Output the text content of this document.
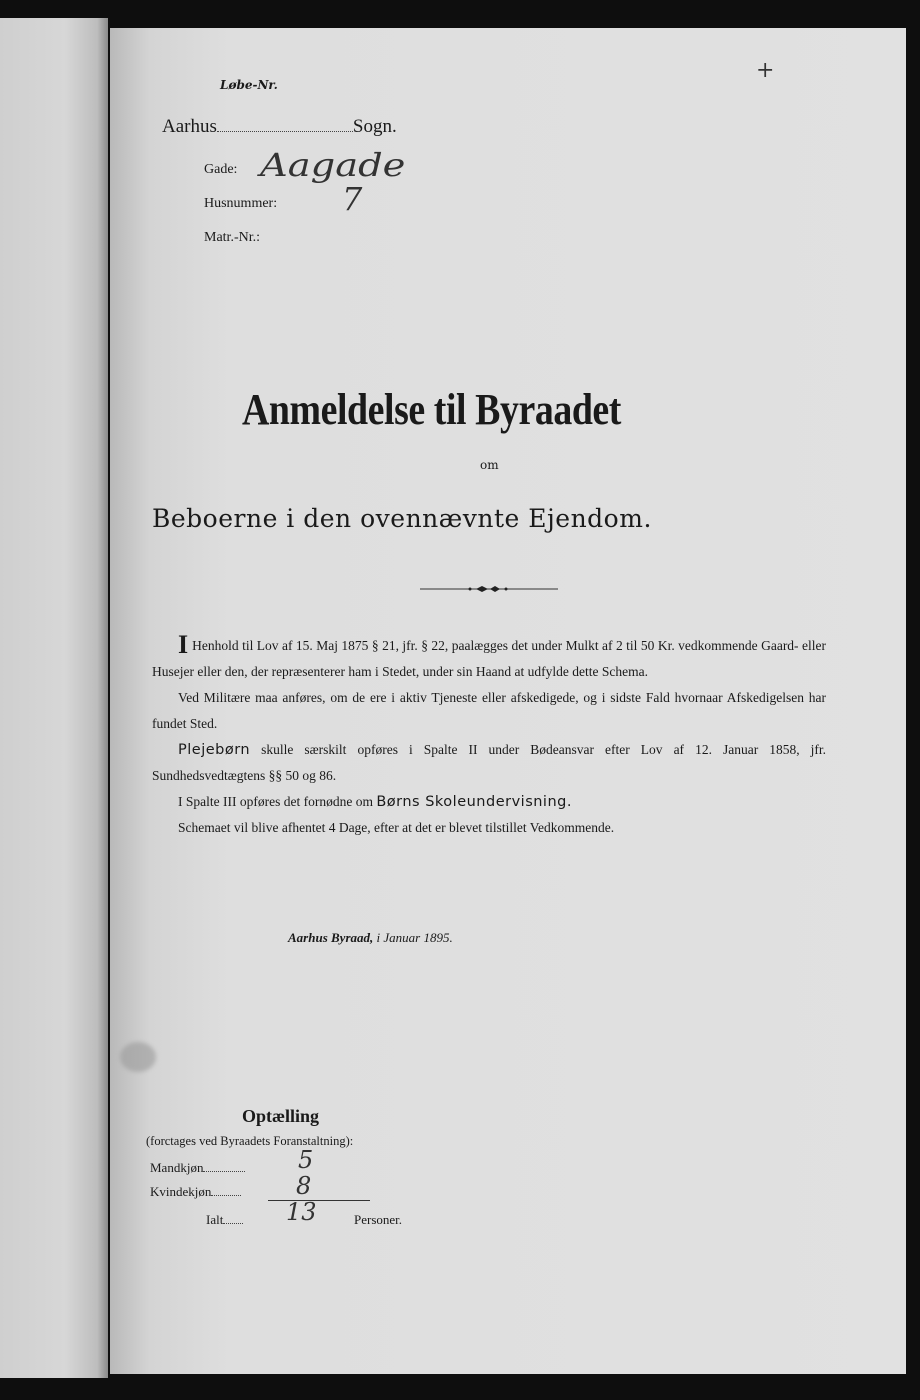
+
Løbe-Nr.
Aarhus	Sogn.
Gade: Aagade
Husnummer: 7
Matr.-Nr.:
Anmeldelse til Byraadet
om
Beboerne i den ovennævnte Ejendom.

I Henhold til Lov af 15. Maj 1875 § 21, jfr. § 22, paalægges det under Mulkt af 2 til 50 Kr. vedkommende Gaard- eller Husejer eller den, der repræsenterer ham i Stedet, under sin Haand at udfylde dette Schema.

Ved Militære maa anføres, om de ere i aktiv Tjeneste eller afskedigede, og i sidste Fald hvornaar Afskedigelsen har fundet Sted.

Plejebørn skulle særskilt opføres i Spalte II under Bødeansvar efter Lov af 12. Januar 1858, jfr. Sundhedsvedtægtens §§ 50 og 86.

I Spalte III opføres det fornødne om Børns Skoleundervisning.

Schemaet vil blive afhentet 4 Dage, efter at det er blevet tilstillet Vedkommende.

Aarhus Byraad, i Januar 1895.
Optælling
(forctages ved Byraadets Foranstaltning):
Mandkjøn	5
Kvindekjøn	8
Ialt	13	Personer.
